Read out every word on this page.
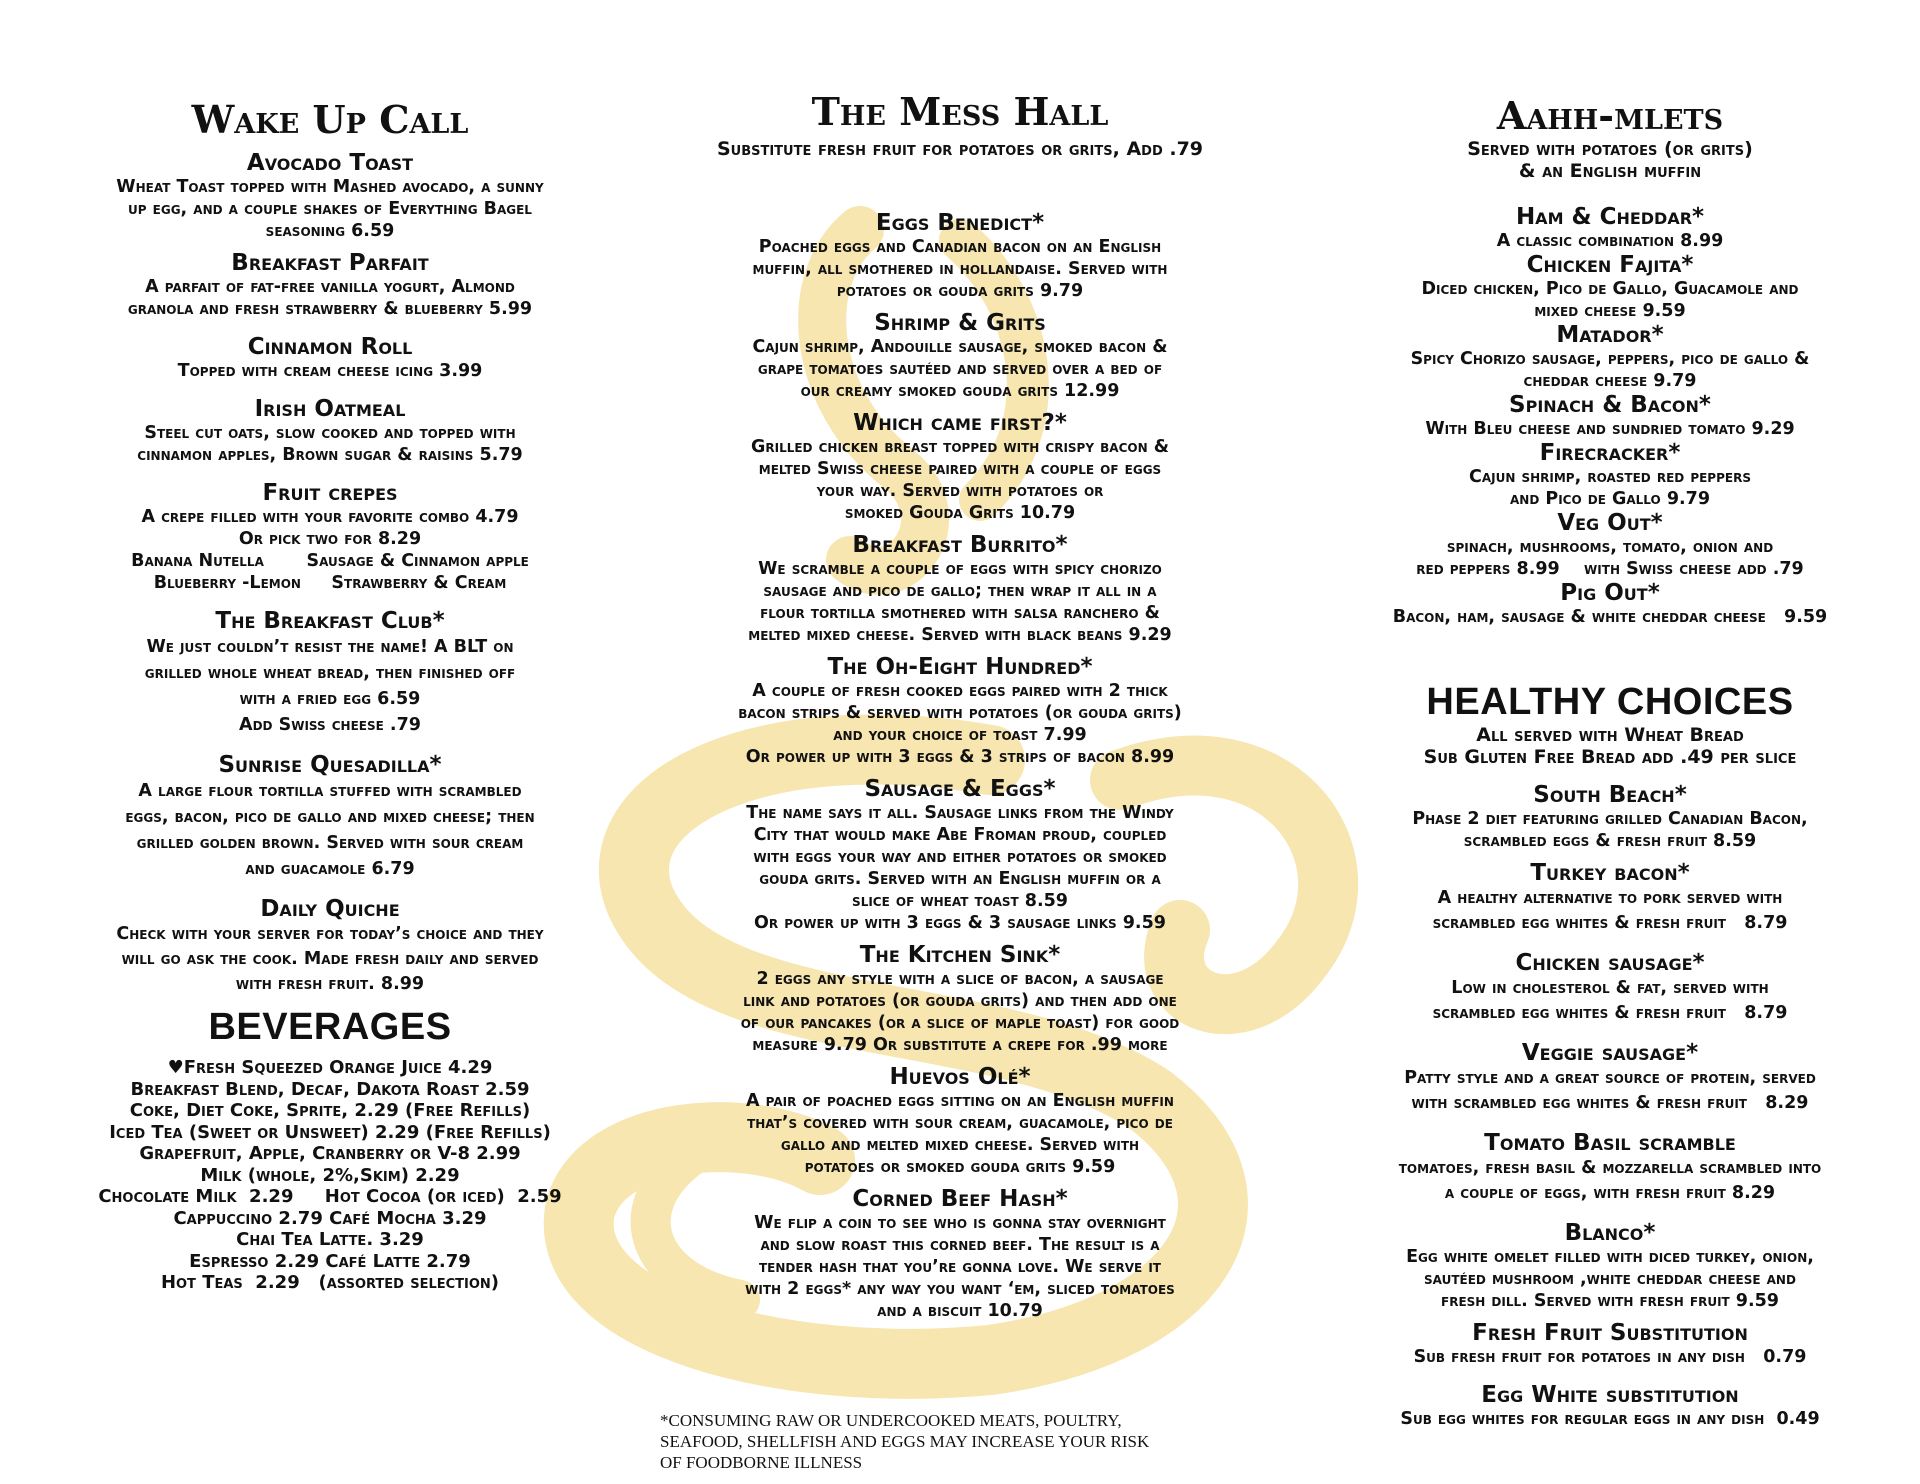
Wake Up Call

Avocado Toast

Wheat Toast topped with Mashed avocado, a sunny

up egg, and a couple shakes of Everything Bagel

seasoning 6.59

Breakfast Parfait

A parfait of fat-free vanilla yogurt, Almond

granola and fresh strawberry & blueberry 5.99

Cinnamon Roll

Topped with cream cheese icing 3.99

Irish Oatmeal

Steel cut oats, slow cooked and topped with

cinnamon apples, Brown sugar & raisins 5.79

Fruit crepes

A crepe filled with your favorite combo 4.79

Or pick two for 8.29

Banana Nutella       Sausage & Cinnamon apple

Blueberry -Lemon     Strawberry & Cream

The Breakfast Club*

We just couldn’t resist the name! A BLT on

grilled whole wheat bread, then finished off

with a fried egg 6.59

Add Swiss cheese .79

Sunrise Quesadilla*

A large flour tortilla stuffed with scrambled

eggs, bacon, pico de gallo and mixed cheese; then

grilled golden brown. Served with sour cream

and guacamole 6.79

Daily Quiche

Check with your server for today’s choice and they

will go ask the cook. Made fresh daily and served

with fresh fruit. 8.99

BEVERAGES

♥Fresh Squeezed Orange Juice 4.29

Breakfast Blend, Decaf, Dakota Roast 2.59

Coke, Diet Coke, Sprite, 2.29 (Free Refills)

Iced Tea (Sweet or Unsweet) 2.29 (Free Refills)

Grapefruit, Apple, Cranberry or V-8 2.99

Milk (whole, 2%,Skim) 2.29

Chocolate Milk  2.29     Hot Cocoa (or iced)  2.59

Cappuccino 2.79 Café Mocha 3.29

Chai Tea Latte. 3.29

Espresso 2.29 Café Latte 2.79

Hot Teas  2.29   (assorted selection)

The Mess Hall

Substitute fresh fruit for potatoes or grits, Add .79

Eggs Benedict*

Poached eggs and Canadian bacon on an English

muffin, all smothered in hollandaise. Served with

potatoes or gouda grits 9.79

Shrimp & Grits

Cajun shrimp, Andouille sausage, smoked bacon &

grape tomatoes sautéed and served over a bed of

our creamy smoked gouda grits 12.99

Which came first?*

Grilled chicken breast topped with crispy bacon &

melted Swiss cheese paired with a couple of eggs

your way. Served with potatoes or

smoked Gouda Grits 10.79

Breakfast Burrito*

We scramble a couple of eggs with spicy chorizo

sausage and pico de gallo; then wrap it all in a

flour tortilla smothered with salsa ranchero &

melted mixed cheese. Served with black beans 9.29

The Oh-Eight Hundred*

A couple of fresh cooked eggs paired with 2 thick

bacon strips & served with potatoes (or gouda grits)

and your choice of toast 7.99

Or power up with 3 eggs & 3 strips of bacon 8.99

Sausage & Eggs*

The name says it all. Sausage links from the Windy

City that would make Abe Froman proud, coupled

with eggs your way and either potatoes or smoked

gouda grits. Served with an English muffin or a

slice of wheat toast 8.59

Or power up with 3 eggs & 3 sausage links 9.59

The Kitchen Sink*

2 eggs any style with a slice of bacon, a sausage

link and potatoes (or gouda grits) and then add one

of our pancakes (or a slice of maple toast) for good

measure 9.79 Or substitute a crepe for .99 more

Huevos Olé*

A pair of poached eggs sitting on an English muffin

that’s covered with sour cream, guacamole, pico de

gallo and melted mixed cheese. Served with

potatoes or smoked gouda grits 9.59

Corned Beef Hash*

We flip a coin to see who is gonna stay overnight

and slow roast this corned beef. The result is a

tender hash that you’re gonna love. We serve it

with 2 eggs* any way you want ‘em, sliced tomatoes

and a biscuit 10.79

*CONSUMING RAW OR UNDERCOOKED MEATS, POULTRY,
SEAFOOD, SHELLFISH AND EGGS MAY INCREASE YOUR RISK
OF FOODBORNE ILLNESS
Aahh-mlets

Served with potatoes (or grits)

& an English muffin

Ham & Cheddar*

A classic combination 8.99

Chicken Fajita*

Diced chicken, Pico de Gallo, Guacamole and

mixed cheese 9.59

Matador*

Spicy Chorizo sausage, peppers, pico de gallo &

cheddar cheese 9.79

Spinach & Bacon*

With Bleu cheese and sundried tomato 9.29

Firecracker*

Cajun shrimp, roasted red peppers

and Pico de Gallo 9.79

Veg Out*

spinach, mushrooms, tomato, onion and

red peppers 8.99    with Swiss cheese add .79

Pig Out*

Bacon, ham, sausage & white cheddar cheese   9.59

HEALTHY CHOICES

All served with Wheat Bread

Sub Gluten Free Bread add .49 per slice

South Beach*

Phase 2 diet featuring grilled Canadian Bacon,

scrambled eggs & fresh fruit 8.59

Turkey bacon*

A healthy alternative to pork served with

scrambled egg whites & fresh fruit   8.79

Chicken sausage*

Low in cholesterol & fat, served with

scrambled egg whites & fresh fruit   8.79

Veggie sausage*

Patty style and a great source of protein, served

with scrambled egg whites & fresh fruit   8.29

Tomato Basil scramble

tomatoes, fresh basil & mozzarella scrambled into

a couple of eggs, with fresh fruit 8.29

Blanco*

Egg white omelet filled with diced turkey, onion,

sautéed mushroom ,white cheddar cheese and

fresh dill. Served with fresh fruit 9.59

Fresh Fruit Substitution

Sub fresh fruit for potatoes in any dish   0.79

Egg White substitution

Sub egg whites for regular eggs in any dish  0.49
